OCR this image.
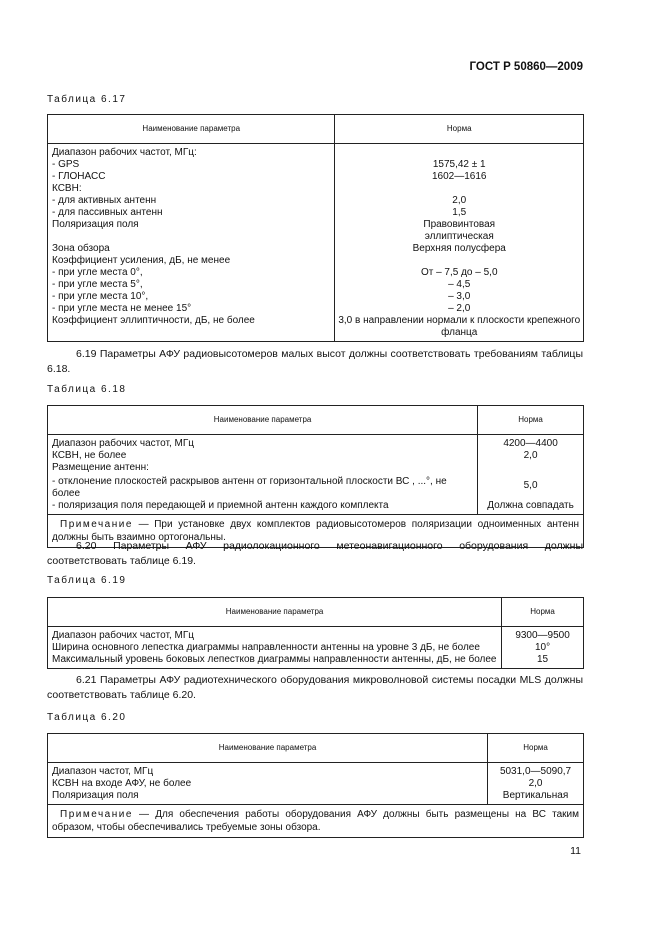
ГОСТ Р 50860—2009
Таблица 6.17
Наименование параметра	Норма
Диапазон рабочих частот, МГц:	
- GPS	1575,42 ± 1
- ГЛОНАСС	1602—1616
КСВН:	
- для активных антенн	2,0
- для пассивных антенн	1,5
Поляризация поля	Правовинтовая
	эллиптическая
Зона обзора	Верхняя полусфера
Коэффициент усиления, дБ, не менее	
- при угле места 0°,	От – 7,5 до – 5,0
- при угле места 5°,	– 4,5
- при угле места 10°,	– 3,0
- при угле места не менее 15°	– 2,0
Коэффициент эллиптичности, дБ, не более	3,0 в направлении нормали к плоскости крепежного
	фланца
6.19 Параметры АФУ радиовысотомеров малых высот должны соответствовать требованиям таблицы 6.18.
Таблица 6.18
Наименование параметра	Норма
Диапазон рабочих частот, МГц	4200—4400
КСВН, не более	2,0
Размещение антенн:	
- отклонение плоскостей раскрывов антенн от горизонтальной плоскости ВС , ...°, не более	5,0
- поляризация поля передающей и приемной антенн каждого комплекта	Должна совпадать
Примечание — При установке двух комплектов радиовысотомеров поляризации одноименных антенн должны быть взаимно ортогональны.	
6.20 Параметры АФУ радиолокационного метеонавигационного оборудования должны соответствовать таблице 6.19.
Таблица 6.19
Наименование параметра	Норма
Диапазон рабочих частот, МГц	9300—9500
Ширина основного лепестка диаграммы направленности антенны на уровне 3 дБ, не более	10°
Максимальный уровень боковых лепестков диаграммы направленности антенны, дБ, не более	15
6.21 Параметры АФУ радиотехнического оборудования микроволновой системы посадки MLS должны соответствовать таблице 6.20.
Таблица 6.20
Наименование параметра	Норма
Диапазон частот, МГц	5031,0—5090,7
КСВН на входе АФУ, не более	2,0
Поляризация поля	Вертикальная
Примечание — Для обеспечения работы оборудования АФУ должны быть размещены на ВС таким образом, чтобы обеспечивались требуемые зоны обзора.	
11
